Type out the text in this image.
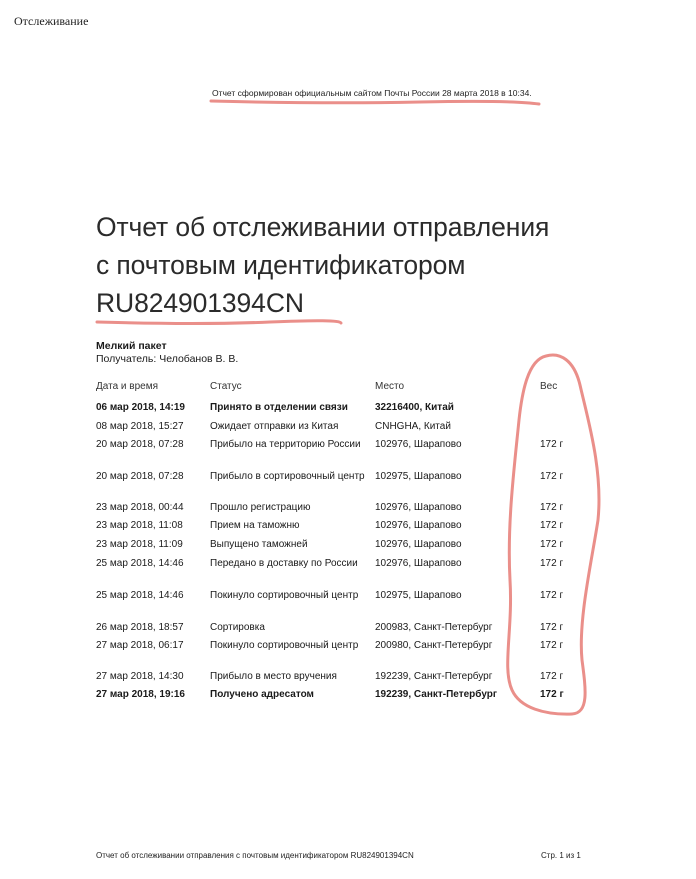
Отслеживание
Отчет сформирован официальным сайтом Почты России 28 марта 2018 в 10:34.
Отчет об отслеживании отправления
с почтовым идентификатором
RU824901394CN
Мелкий пакет
Получатель: Челобанов В. В.
Дата и время	Статус	Место	Вес
06 мар 2018, 14:19	Принято в отделении связи	32216400, Китай
08 мар 2018, 15:27	Ожидает отправки из Китая	CNHGHA, Китай
20 мар 2018, 07:28	Прибыло на территорию России	102976, Шарапово	172 г
20 мар 2018, 07:28	Прибыло в сортировочный центр	102975, Шарапово	172 г
23 мар 2018, 00:44	Прошло регистрацию	102976, Шарапово	172 г
23 мар 2018, 11:08	Прием на таможню	102976, Шарапово	172 г
23 мар 2018, 11:09	Выпущено таможней	102976, Шарапово	172 г
25 мар 2018, 14:46	Передано в доставку по России	102976, Шарапово	172 г
25 мар 2018, 14:46	Покинуло сортировочный центр	102975, Шарапово	172 г
26 мар 2018, 18:57	Сортировка	200983, Санкт-Петербург	172 г
27 мар 2018, 06:17	Покинуло сортировочный центр	200980, Санкт-Петербург	172 г
27 мар 2018, 14:30	Прибыло в место вручения	192239, Санкт-Петербург	172 г
27 мар 2018, 19:16	Получено адресатом	192239, Санкт-Петербург	172 г
Отчет об отслеживании отправления с почтовым идентификатором RU824901394CN	Стр. 1 из 1
